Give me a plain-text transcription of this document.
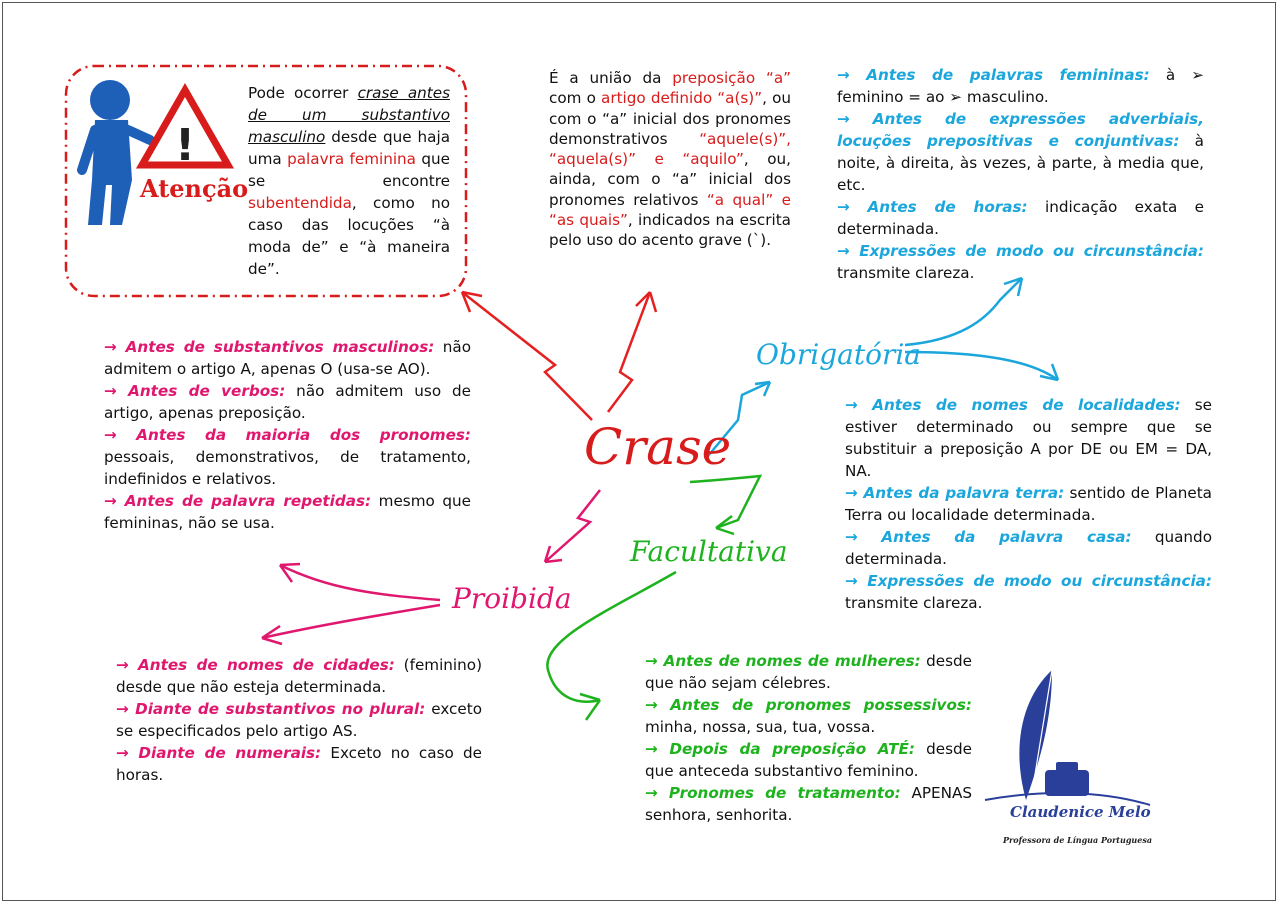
!
Crase
Obrigatória
Proibida
Facultativa
Atenção
Pode ocorrer crase antes de um substantivo masculino desde que haja uma palavra feminina que se encontre subentendida, como no caso das locuções “à moda de” e “à maneira de”.
É a união da preposição “a” com o artigo definido “a(s)”, ou com o “a” inicial dos pronomes demonstrativos “aquele(s)”, “aquela(s)” e “aquilo”, ou, ainda, com o “a” inicial dos pronomes relativos “a qual” e “as quais”, indicados na escrita pelo uso do acento grave (`).

→ Antes de palavras femininas: à ➢ feminino = ao ➢ masculino.

→ Antes de expressões adverbiais, locuções prepositivas e conjuntivas: à noite, à direita, às vezes, à parte, à media que, etc.

→ Antes de horas: indicação exata e determinada.

→ Expressões de modo ou circunstância: transmite clareza.

→ Antes de nomes de localidades: se estiver determinado ou sempre que se substituir a preposição A por DE ou EM = DA, NA.

→ Antes da palavra terra: sentido de Planeta Terra ou localidade determinada.

→ Antes da palavra casa: quando determinada.

→ Expressões de modo ou circunstância: transmite clareza.

→ Antes de substantivos masculinos: não admitem o artigo A, apenas O (usa-se AO).

→ Antes de verbos: não admitem uso de artigo, apenas preposição.

→ Antes da maioria dos pronomes: pessoais, demonstrativos, de tratamento, indefinidos e relativos.

→ Antes de palavra repetidas: mesmo que femininas, não se usa.

→ Antes de nomes de cidades: (feminino) desde que não esteja determinada.

→ Diante de substantivos no plural: exceto se especificados pelo artigo AS.

→ Diante de numerais: Exceto no caso de horas.

→ Antes de nomes de mulheres: desde que não sejam célebres.

→ Antes de pronomes possessivos: minha, nossa, sua, tua, vossa.

→ Depois da preposição ATÉ: desde que anteceda substantivo feminino.

→ Pronomes de tratamento: APENAS senhora, senhorita.	Claudenice Melo
Professora de Língua Portuguesa
